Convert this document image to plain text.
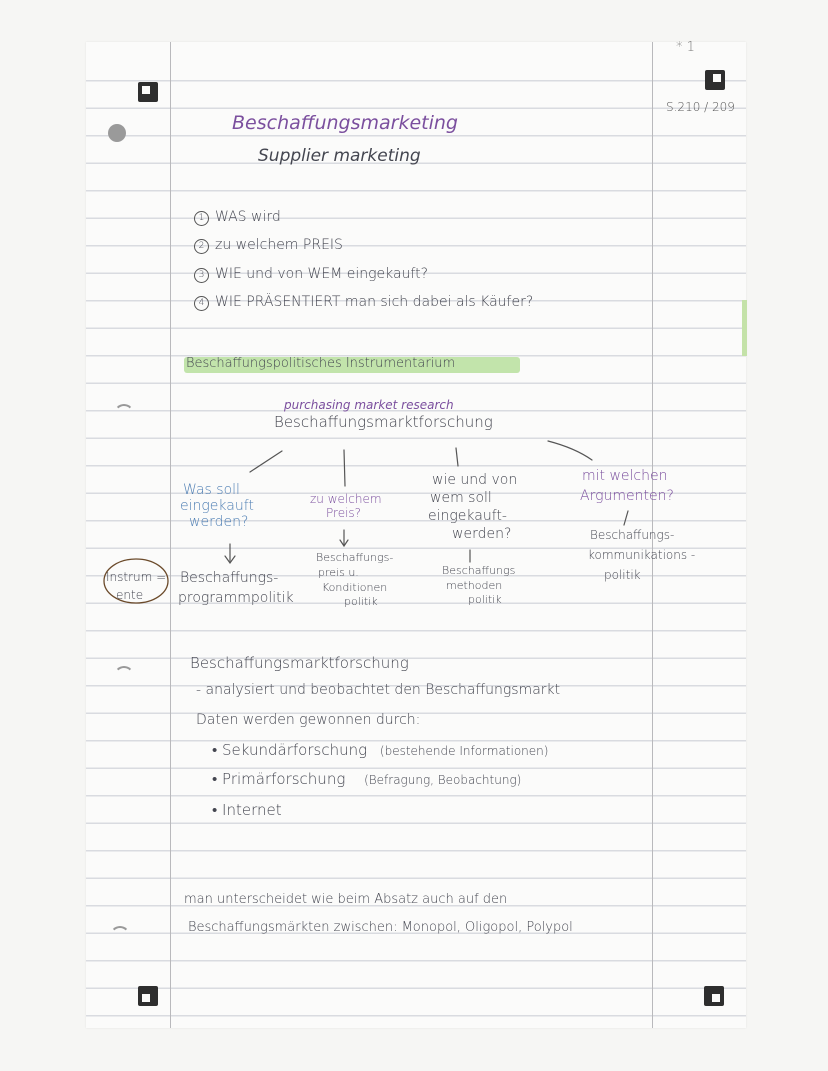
* 1
S.210 / 209
Beschaffungsmarketing
Supplier marketing
1 WAS wird
2 zu welchem PREIS
3 WIE und von WEM eingekauft?
4 WIE PRÄSENTIERT man sich dabei als Käufer?
Beschaffungspolitisches Instrumentarium
purchasing market research
Beschaffungsmarktforschung
Was soll
eingekauft
werden?
Beschaffungs-
programmpolitik
zu welchem
Preis?
Beschaffungs-
preis u.
Konditionen
politik
wie und von
wem soll
eingekauft-
werden?
Beschaffungs
methoden
politik
mit welchen
Argumenten?
Beschaffungs-
kommunikations -
politik
Instrum =
ente
Beschaffungsmarktforschung
- analysiert und beobachtet den Beschaffungsmarkt
Daten werden gewonnen durch:
• Sekundärforschung (bestehende Informationen)
• Primärforschung (Befragung, Beobachtung)
• Internet
man unterscheidet wie beim Absatz auch auf den
Beschaffungsmärkten zwischen: Monopol, Oligopol, Polypol
